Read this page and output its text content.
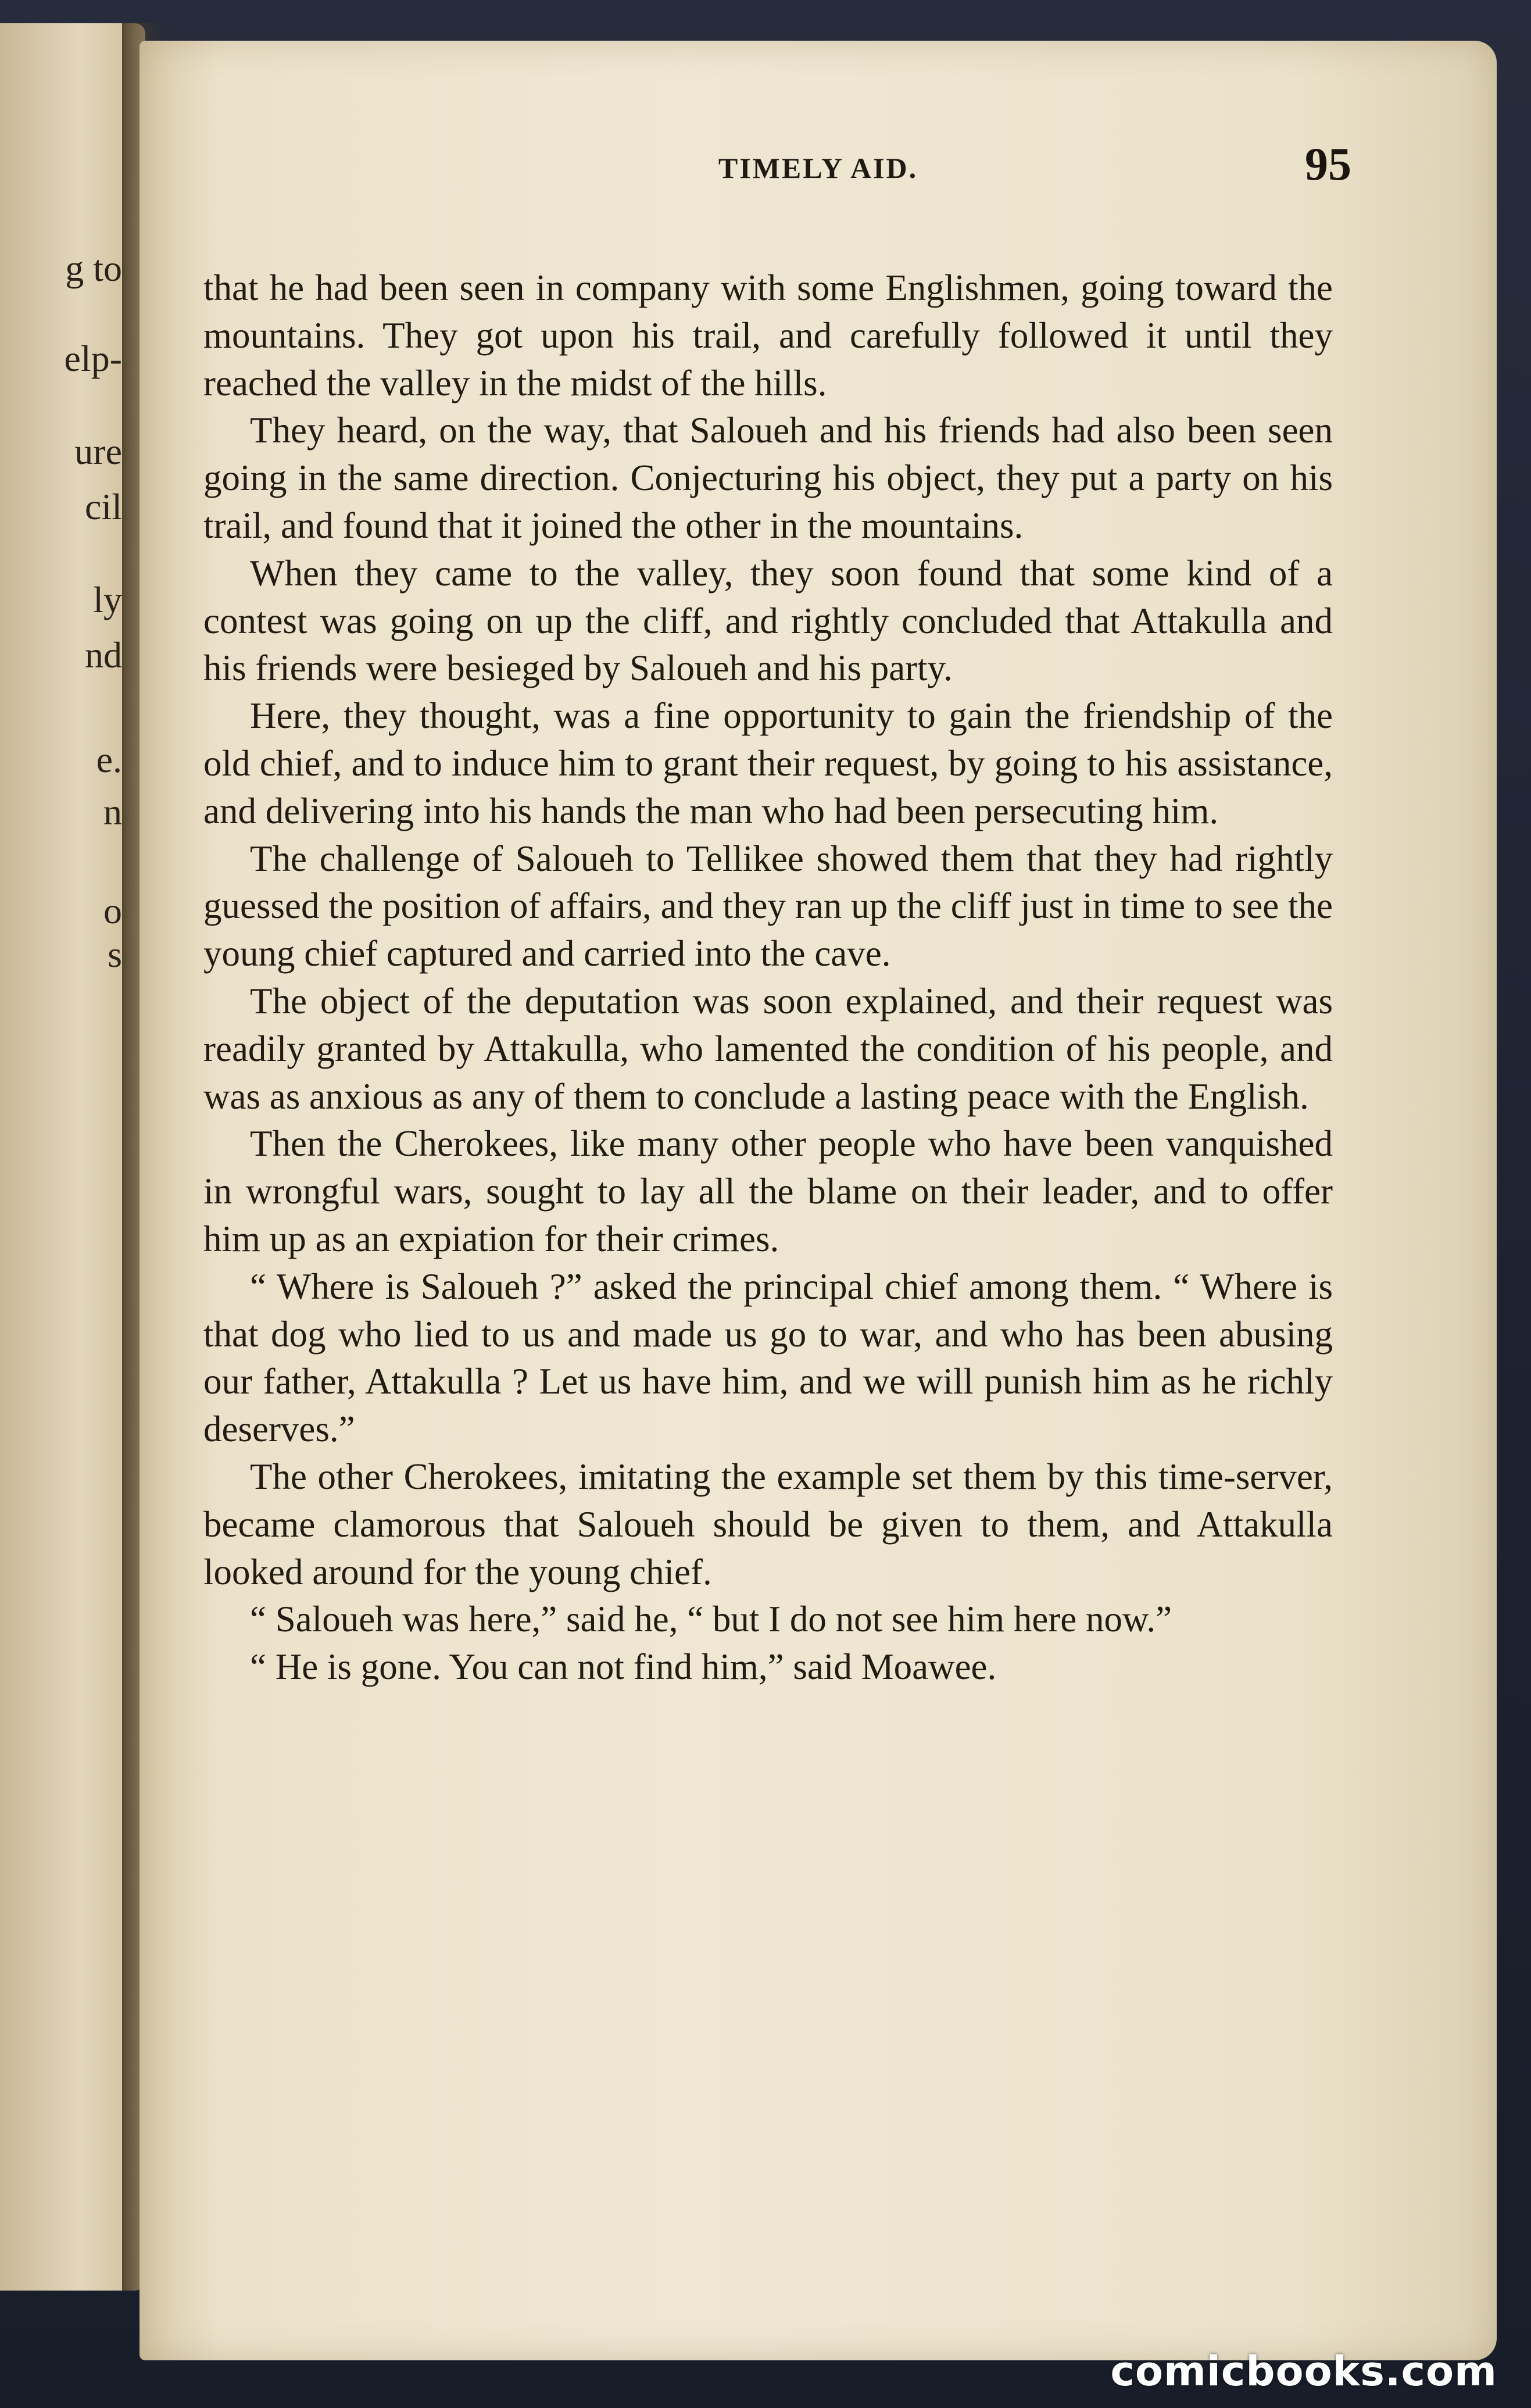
g to
elp-
ure
cil
ly
nd
e.
n
o
s
TIMELY AID.	95

that he had been seen in company with some Englishmen, going toward the mountains. They got upon his trail, and carefully followed it until they reached the valley in the midst of the hills.

They heard, on the way, that Saloueh and his friends had also been seen going in the same direction. Conjecturing his object, they put a party on his trail, and found that it joined the other in the mountains.

When they came to the valley, they soon found that some kind of a contest was going on up the cliff, and rightly concluded that Attakulla and his friends were besieged by Saloueh and his party.

Here, they thought, was a fine opportunity to gain the friendship of the old chief, and to induce him to grant their request, by going to his assistance, and delivering into his hands the man who had been persecuting him.

The challenge of Saloueh to Tellikee showed them that they had rightly guessed the position of affairs, and they ran up the cliff just in time to see the young chief captured and carried into the cave.

The object of the deputation was soon explained, and their request was readily granted by Attakulla, who lamented the condition of his people, and was as anxious as any of them to conclude a lasting peace with the English.

Then the Cherokees, like many other people who have been vanquished in wrongful wars, sought to lay all the blame on their leader, and to offer him up as an expiation for their crimes.

“ Where is Saloueh ?” asked the principal chief among them. “ Where is that dog who lied to us and made us go to war, and who has been abusing our father, Attakulla ? Let us have him, and we will punish him as he richly deserves.”

The other Cherokees, imitating the example set them by this time-server, became clamorous that Saloueh should be given to them, and Attakulla looked around for the young chief.

“ Saloueh was here,” said he, “ but I do not see him here now.”

“ He is gone. You can not find him,” said Moawee.

comicbooks.com
